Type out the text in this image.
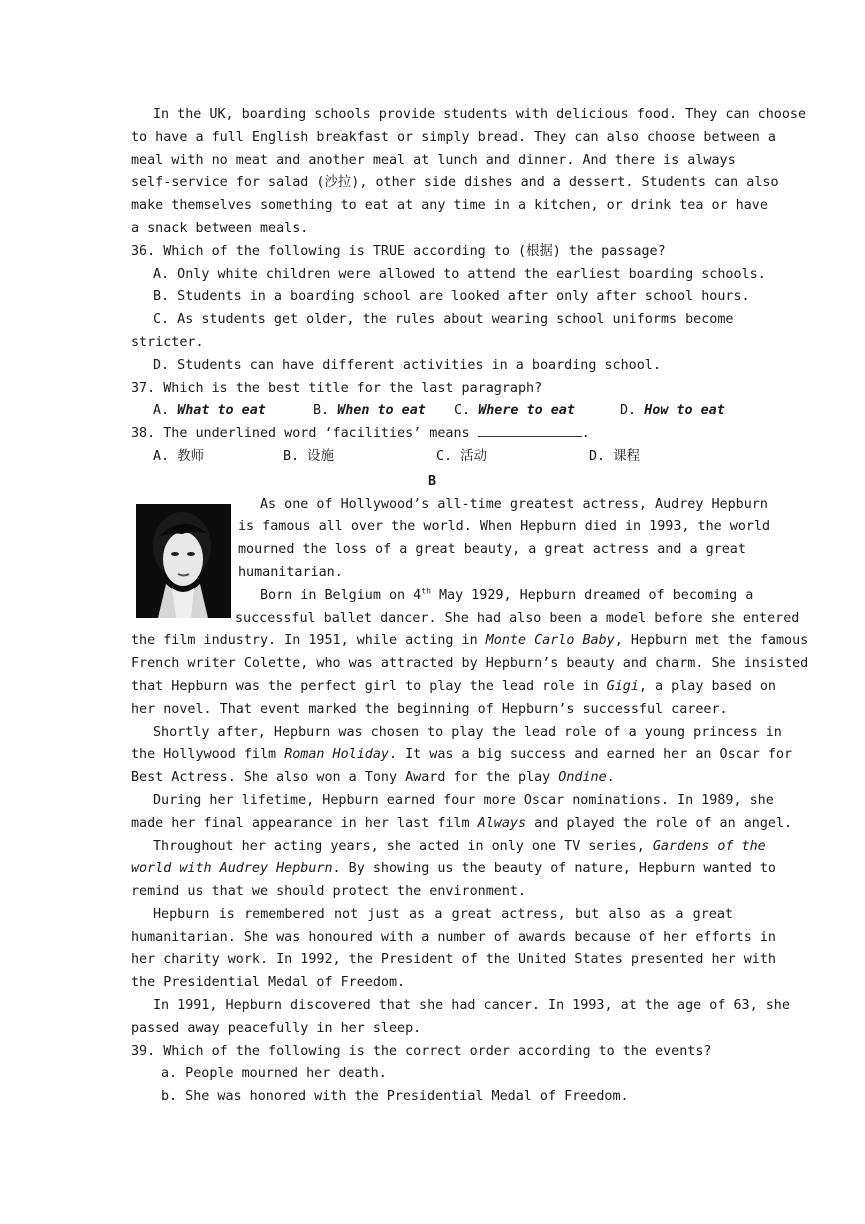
In the UK, boarding schools provide students with delicious food. They can choose
to have a full English breakfast or simply bread. They can also choose between a
meal with no meat and another meal at lunch and dinner. And there is always
self-service for salad (沙拉), other side dishes and a dessert. Students can also
make themselves something to eat at any time in a kitchen, or drink tea or have
a snack between meals.
36. Which of the following is TRUE according to (根据) the passage?
A. Only white children were allowed to attend the earliest boarding schools.
B. Students in a boarding school are looked after only after school hours.
C. As students get older, the rules about wearing school uniforms become
stricter.
D. Students can have different activities in a boarding school.
37. Which is the best title for the last paragraph?
A. What to eat	B. When to eat	C. Where to eat	D. How to eat
38. The underlined word ‘facilities’ means	.
A. 教师	B. 设施	C. 活动	D. 课程
B
As one of Hollywood’s all-time greatest actress, Audrey Hepburn
is famous all over the world. When Hepburn died in 1993, the world
mourned the loss of a great beauty, a great actress and a great
humanitarian.
Born in Belgium on 4th May 1929, Hepburn dreamed of becoming a
successful ballet dancer. She had also been a model before she entered
the film industry. In 1951, while acting in Monte Carlo Baby, Hepburn met the famous
French writer Colette, who was attracted by Hepburn’s beauty and charm. She insisted
that Hepburn was the perfect girl to play the lead role in Gigi, a play based on
her novel. That event marked the beginning of Hepburn’s successful career.
Shortly after, Hepburn was chosen to play the lead role of a young princess in
the Hollywood film Roman Holiday. It was a big success and earned her an Oscar for
Best Actress. She also won a Tony Award for the play Ondine.
During her lifetime, Hepburn earned four more Oscar nominations. In 1989, she
made her final appearance in her last film Always and played the role of an angel.
Throughout her acting years, she acted in only one TV series, Gardens of the
world with Audrey Hepburn. By showing us the beauty of nature, Hepburn wanted to
remind us that we should protect the environment.
Hepburn is remembered not just as a great actress, but also as a great
humanitarian. She was honoured with a number of awards because of her efforts in
her charity work. In 1992, the President of the United States presented her with
the Presidential Medal of Freedom.
In 1991, Hepburn discovered that she had cancer. In 1993, at the age of 63, she
passed away peacefully in her sleep.
39. Which of the following is the correct order according to the events?
a. People mourned her death.
b. She was honored with the Presidential Medal of Freedom.
